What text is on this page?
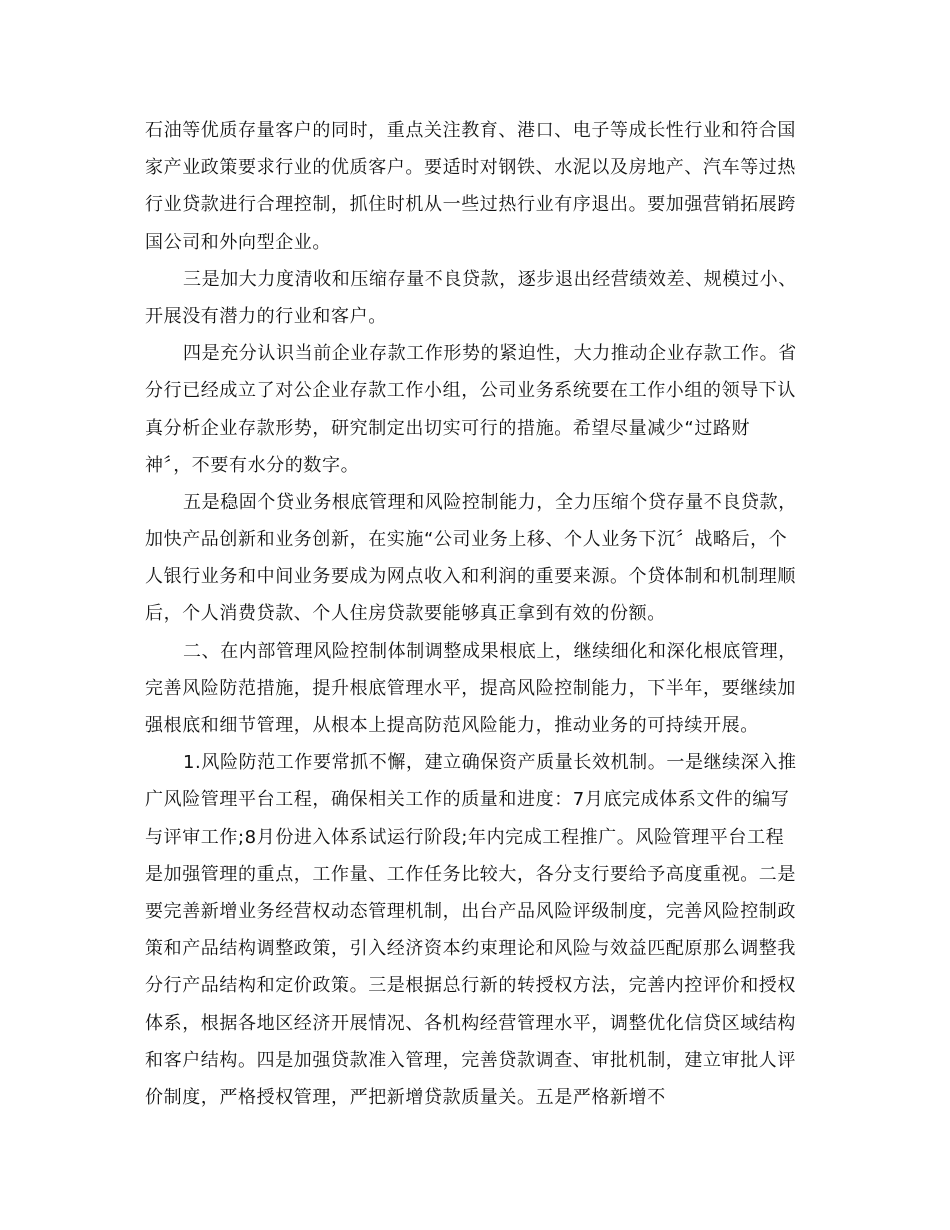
石油等优质存量客户的同时，重点关注教育、港口、电子等成长性行业和符合国
家产业政策要求行业的优质客户。要适时对钢铁、水泥以及房地产、汽车等过热
行业贷款进行合理控制，抓住时机从一些过热行业有序退出。要加强营销拓展跨
国公司和外向型企业。
三是加大力度清收和压缩存量不良贷款，逐步退出经营绩效差、规模过小、
开展没有潜力的行业和客户。
四是充分认识当前企业存款工作形势的紧迫性，大力推动企业存款工作。省
分行已经成立了对公企业存款工作小组，公司业务系统要在工作小组的领导下认
真分析企业存款形势，研究制定出切实可行的措施。希望尽量减少“过路财
神〞，不要有水分的数字。
五是稳固个贷业务根底管理和风险控制能力，全力压缩个贷存量不良贷款，
加快产品创新和业务创新，在实施“公司业务上移、个人业务下沉〞战略后，个
人银行业务和中间业务要成为网点收入和利润的重要来源。个贷体制和机制理顺
后，个人消费贷款、个人住房贷款要能够真正拿到有效的份额。
二、在内部管理风险控制体制调整成果根底上，继续细化和深化根底管理，
完善风险防范措施，提升根底管理水平，提高风险控制能力，下半年，要继续加
强根底和细节管理，从根本上提高防范风险能力，推动业务的可持续开展。
1.风险防范工作要常抓不懈，建立确保资产质量长效机制。一是继续深入推
广风险管理平台工程，确保相关工作的质量和进度：7月底完成体系文件的编写
与评审工作;8月份进入体系试运行阶段;年内完成工程推广。风险管理平台工程
是加强管理的重点，工作量、工作任务比较大，各分支行要给予高度重视。二是
要完善新增业务经营权动态管理机制，出台产品风险评级制度，完善风险控制政
策和产品结构调整政策，引入经济资本约束理论和风险与效益匹配原那么调整我
分行产品结构和定价政策。三是根据总行新的转授权方法，完善内控评价和授权
体系，根据各地区经济开展情况、各机构经营管理水平，调整优化信贷区域结构
和客户结构。四是加强贷款准入管理，完善贷款调查、审批机制，建立审批人评
价制度，严格授权管理，严把新增贷款质量关。五是严格新增不
